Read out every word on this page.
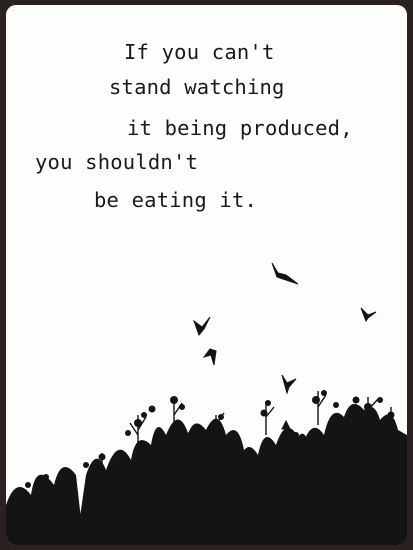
If you can't
stand watching
it being produced,
you shouldn't
be eating it.
